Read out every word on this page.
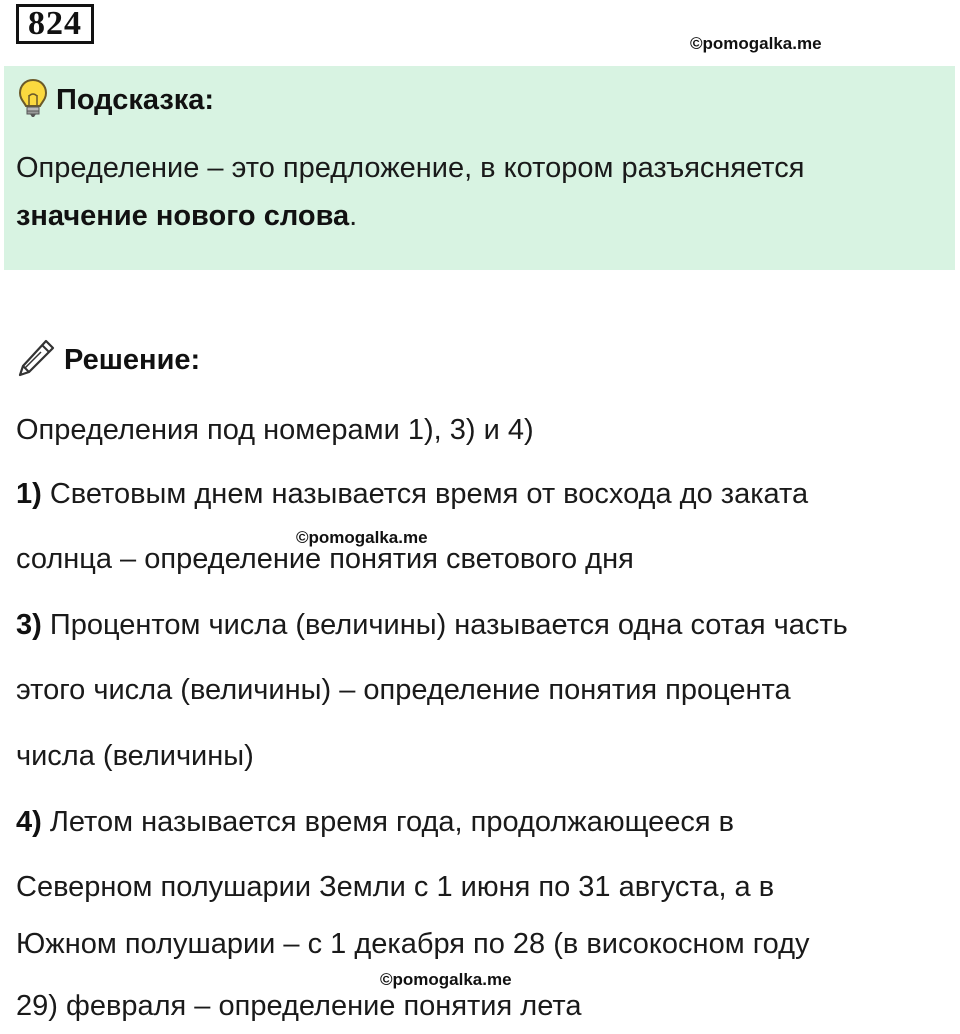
824
©pomogalka.me
Подсказка:
Определение – это предложение, в котором разъясняется
значение нового слова.
Решение:
Определения под номерами 1), 3) и 4)
1) Световым днем называется время от восхода до заката
©pomogalka.me
солнца – определение понятия светового дня
3) Процентом числа (величины) называется одна сотая часть
этого числа (величины) – определение понятия процента
числа (величины)
4) Летом называется время года, продолжающееся в
Северном полушарии Земли с 1 июня по 31 августа, а в
Южном полушарии – с 1 декабря по 28 (в високосном году
©pomogalka.me
29) февраля – определение понятия лета
